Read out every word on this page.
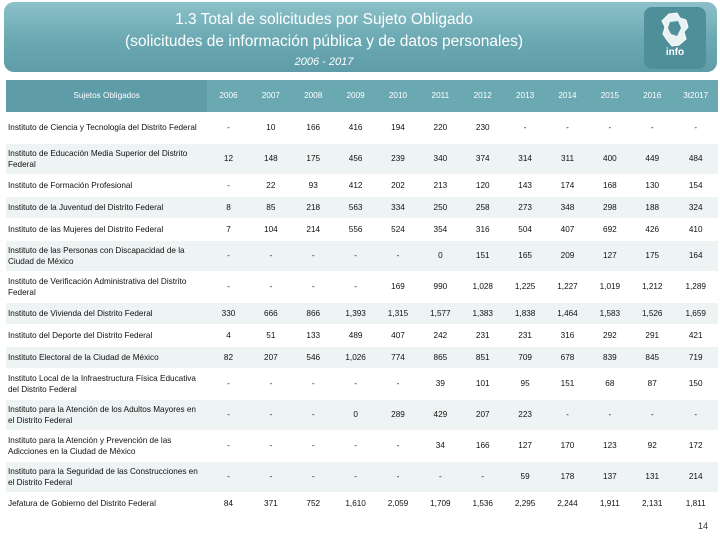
1.3 Total de solicitudes por Sujeto Obligado
(solicitudes de información pública y de datos personales)
2006 - 2017
info
Sujetos Obligados	2006	2007	2008	2009	2010	2011	2012	2013	2014	2015	2016	3t2017
Instituto de Ciencia y Tecnología del Distrito Federal	-	10	166	416	194	220	230	-	-	-	-	-
Instituto de Educación Media Superior del Distrito Federal	12	148	175	456	239	340	374	314	311	400	449	484
Instituto de Formación Profesional	-	22	93	412	202	213	120	143	174	168	130	154
Instituto de la Juventud del Distrito Federal	8	85	218	563	334	250	258	273	348	298	188	324
Instituto de las Mujeres del Distrito Federal	7	104	214	556	524	354	316	504	407	692	426	410
Instituto de las Personas con Discapacidad de la Ciudad de México	-	-	-	-	-	0	151	165	209	127	175	164
Instituto de Verificación Administrativa del Distrito Federal	-	-	-	-	169	990	1,028	1,225	1,227	1,019	1,212	1,289
Instituto de Vivienda del Distrito Federal	330	666	866	1,393	1,315	1,577	1,383	1,838	1,464	1,583	1,526	1,659
Instituto del Deporte del Distrito Federal	4	51	133	489	407	242	231	231	316	292	291	421
Instituto Electoral de la Ciudad de México	82	207	546	1,026	774	865	851	709	678	839	845	719
Instituto Local de la Infraestructura Física Educativa del Distrito Federal	-	-	-	-	-	39	101	95	151	68	87	150
Instituto para la Atención de los Adultos Mayores en el Distrito Federal	-	-	-	0	289	429	207	223	-	-	-	-
Instituto para la Atención y Prevención de las Adicciones en la Ciudad de México	-	-	-	-	-	34	166	127	170	123	92	172
Instituto para la Seguridad de las Construcciones en el Distrito Federal	-	-	-	-	-	-	-	59	178	137	131	214
Jefatura de Gobierno del Distrito Federal	84	371	752	1,610	2,059	1,709	1,536	2,295	2,244	1,911	2,131	1,811
14
